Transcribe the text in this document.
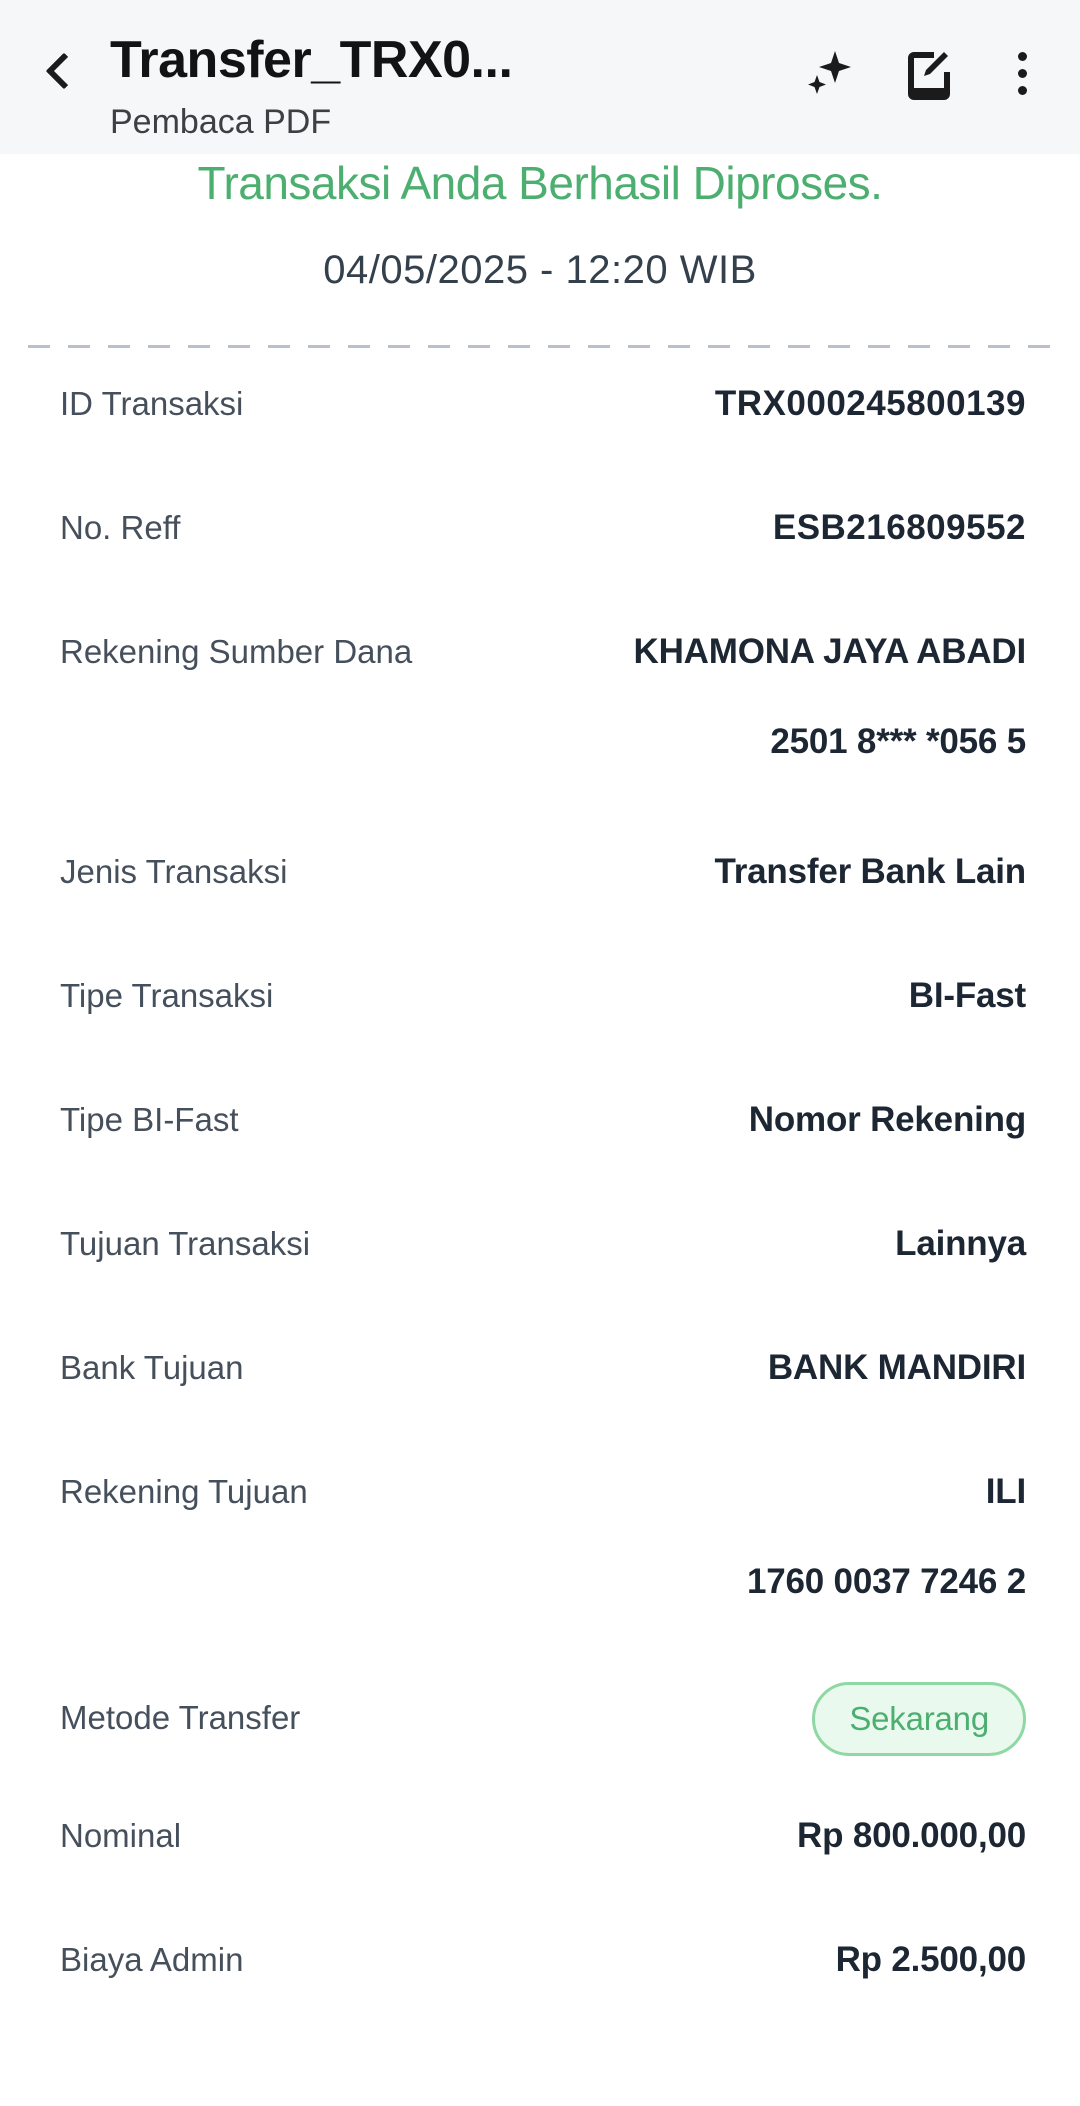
Transfer_TRX0...
Pembaca PDF
Transaksi Anda Berhasil Diproses.
04/05/2025 - 12:20 WIB
ID Transaksi	TRX000245800139
No. Reff	ESB216809552
Rekening Sumber Dana	KHAMONA JAYA ABADI
2501 8*** *056 5
Jenis Transaksi	Transfer Bank Lain
Tipe Transaksi	BI-Fast
Tipe BI-Fast	Nomor Rekening
Tujuan Transaksi	Lainnya
Bank Tujuan	BANK MANDIRI
Rekening Tujuan	ILI
1760 0037 7246 2
Metode Transfer	Sekarang
Nominal	Rp 800.000,00
Biaya Admin	Rp 2.500,00
